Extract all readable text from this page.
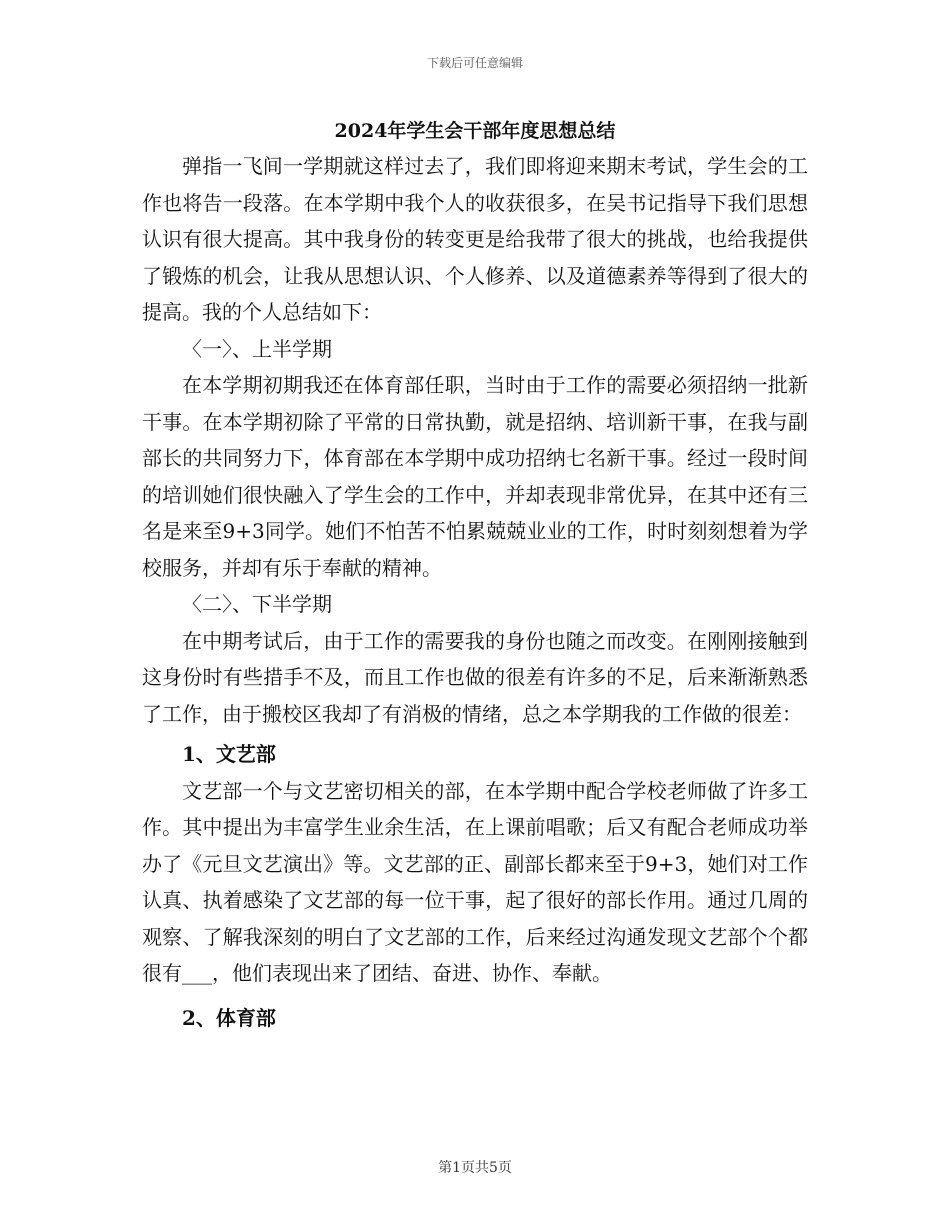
下载后可任意编辑
2024年学生会干部年度思想总结

弹指一飞间一学期就这样过去了，我们即将迎来期末考试，学生会的工作也将告一段落。在本学期中我个人的收获很多，在吴书记指导下我们思想认识有很大提高。其中我身份的转变更是给我带了很大的挑战，也给我提供了锻炼的机会，让我从思想认识、个人修养、以及道德素养等得到了很大的提高。我的个人总结如下：

〈一〉、上半学期

在本学期初期我还在体育部任职，当时由于工作的需要必须招纳一批新干事。在本学期初除了平常的日常执勤，就是招纳、培训新干事，在我与副部长的共同努力下，体育部在本学期中成功招纳七名新干事。经过一段时间的培训她们很快融入了学生会的工作中，并却表现非常优异，在其中还有三名是来至9+3同学。她们不怕苦不怕累兢兢业业的工作，时时刻刻想着为学校服务，并却有乐于奉献的精神。

〈二〉、下半学期

在中期考试后，由于工作的需要我的身份也随之而改变。在刚刚接触到这身份时有些措手不及，而且工作也做的很差有许多的不足，后来渐渐熟悉了工作，由于搬校区我却了有消极的情绪，总之本学期我的工作做的很差：

1、文艺部

文艺部一个与文艺密切相关的部，在本学期中配合学校老师做了许多工作。其中提出为丰富学生业余生活，在上课前唱歌；后又有配合老师成功举办了《元旦文艺演出》等。文艺部的正、副部长都来至于9+3，她们对工作认真、执着感染了文艺部的每一位干事，起了很好的部长作用。通过几周的观察、了解我深刻的明白了文艺部的工作，后来经过沟通发现文艺部个个都很有___，他们表现出来了团结、奋进、协作、奉献。

2、体育部

第1页共5页
